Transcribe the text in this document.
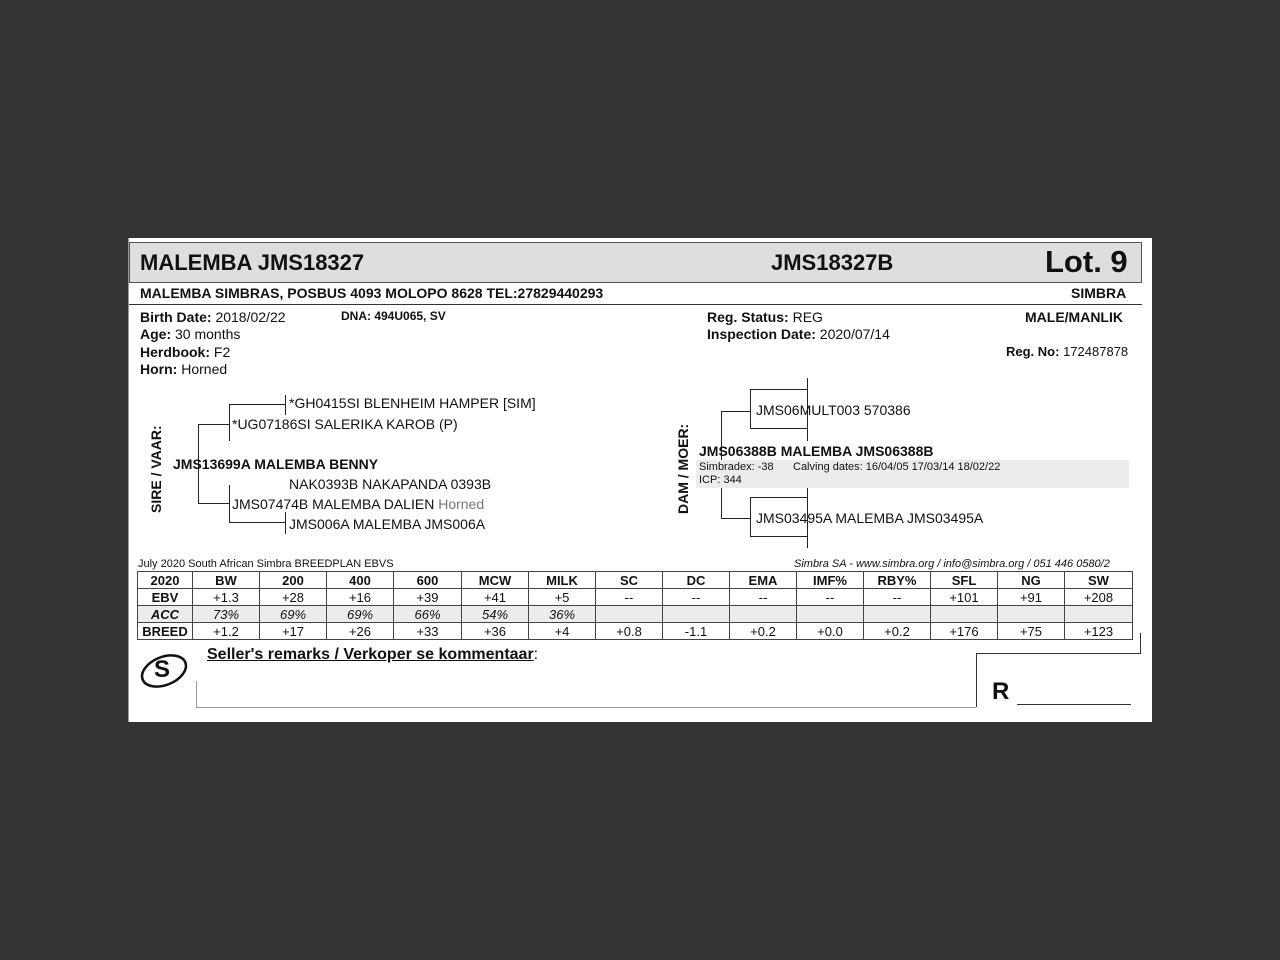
MALEMBA JMS18327	JMS18327B	Lot. 9
MALEMBA SIMBRAS, POSBUS 4093 MOLOPO 8628 TEL:27829440293	SIMBRA
Birth Date: 2018/02/22	DNA: 494U065, SV
Age: 30 months
Herdbook: F2
Horn: Horned
Reg. Status: REG
Inspection Date: 2020/07/14
MALE/MANLIK
Reg. No: 172487878
SIRE / VAAR:
*GH0415SI BLENHEIM HAMPER [SIM]
*UG07186SI SALERIKA KAROB (P)
JMS13699A MALEMBA BENNY
NAK0393B NAKAPANDA 0393B
JMS07474B MALEMBA DALIEN Horned
JMS006A MALEMBA JMS006A
DAM / MOER:
JMS06MULT003 570386
JMS06388B MALEMBA JMS06388B
Simbradex: -38 Calving dates: 16/04/05 17/03/14 18/02/22
ICP: 344
JMS03495A MALEMBA JMS03495A
July 2020 South African Simbra BREEDPLAN EBVS	Simbra SA - www.simbra.org / info@simbra.org / 051 446 0580/2
2020	BW	200	400	600	MCW	MILK	SC	DC	EMA	IMF%	RBY%	SFL	NG	SW
EBV	+1.3	+28	+16	+39	+41	+5	--	--	--	--	--	+101	+91	+208
ACC	73%	69%	69%	66%	54%	36%								
BREED	+1.2	+17	+26	+33	+36	+4	+0.8	-1.1	+0.2	+0.0	+0.2	+176	+75	+123
S
Seller's remarks / Verkoper se kommentaar:
R
